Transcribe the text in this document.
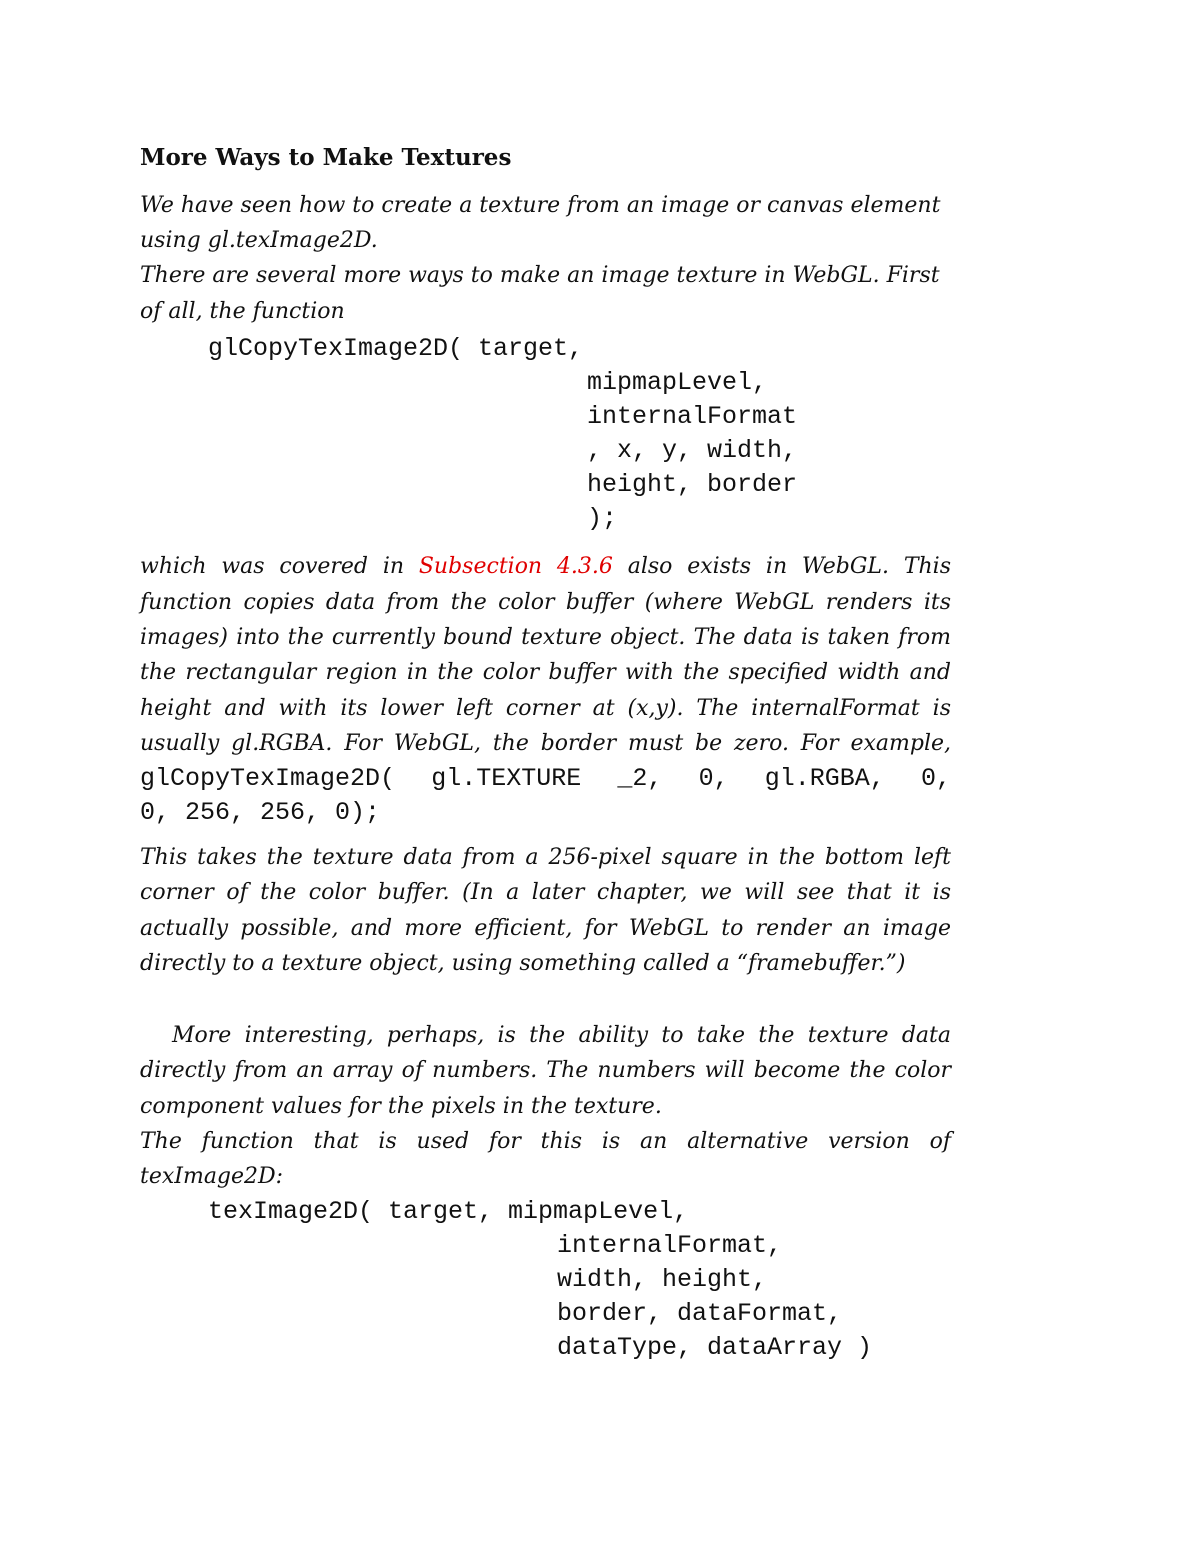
More Ways to Make Textures
We have seen how to create a texture from an image or canvas element
using gl.texImage2D.
There are several more ways to make an image texture in WebGL. First
of all, the function
glCopyTexImage2D( target,
mipmapLevel,
internalFormat
, x, y, width,
height, border
);
which was covered in Subsection 4.3.6 also exists in WebGL. This
function copies data from the color buffer (where WebGL renders its
images) into the currently bound texture object. The data is taken from
the rectangular region in the color buffer with the specified width and
height and with its lower left corner at (x,y). The internalFormat is
usually gl.RGBA. For WebGL, the border must be zero. For example,
glCopyTexImage2D( gl.TEXTURE _2, 0, gl.RGBA, 0,
0, 256, 256, 0);
This takes the texture data from a 256-pixel square in the bottom left
corner of the color buffer. (In a later chapter, we will see that it is
actually possible, and more efficient, for WebGL to render an image
directly to a texture object, using something called a “framebuffer.”)
More interesting, perhaps, is the ability to take the texture data
directly from an array of numbers. The numbers will become the color
component values for the pixels in the texture.
The function that is used for this is an alternative version of
texImage2D:
texImage2D( target, mipmapLevel,
internalFormat,
width, height,
border, dataFormat,
dataType, dataArray )
